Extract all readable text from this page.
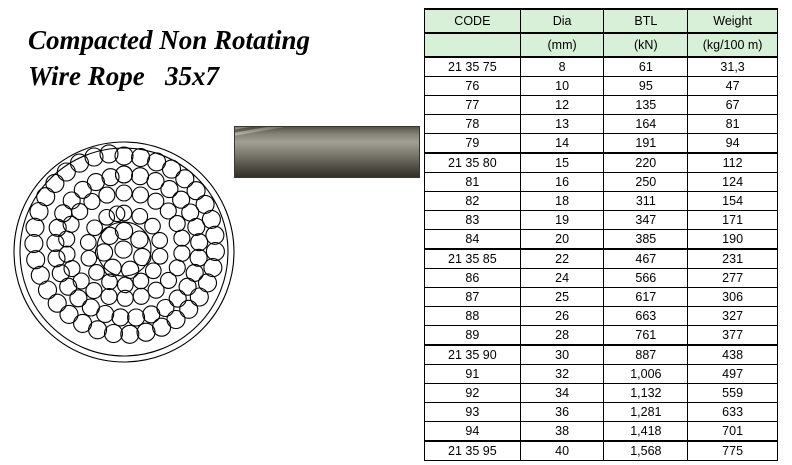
Compacted Non Rotating
Wire Rope   35x7
CODE	Dia	BTL	Weight
	(mm)	(kN)	(kg/100 m)
21 35 75	8	61	31,3
76	10	95	47
77	12	135	67
78	13	164	81
79	14	191	94
21 35 80	15	220	112
81	16	250	124
82	18	311	154
83	19	347	171
84	20	385	190
21 35 85	22	467	231
86	24	566	277
87	25	617	306
88	26	663	327
89	28	761	377
21 35 90	30	887	438
91	32	1,006	497
92	34	1,132	559
93	36	1,281	633
94	38	1,418	701
21 35 95	40	1,568	775
